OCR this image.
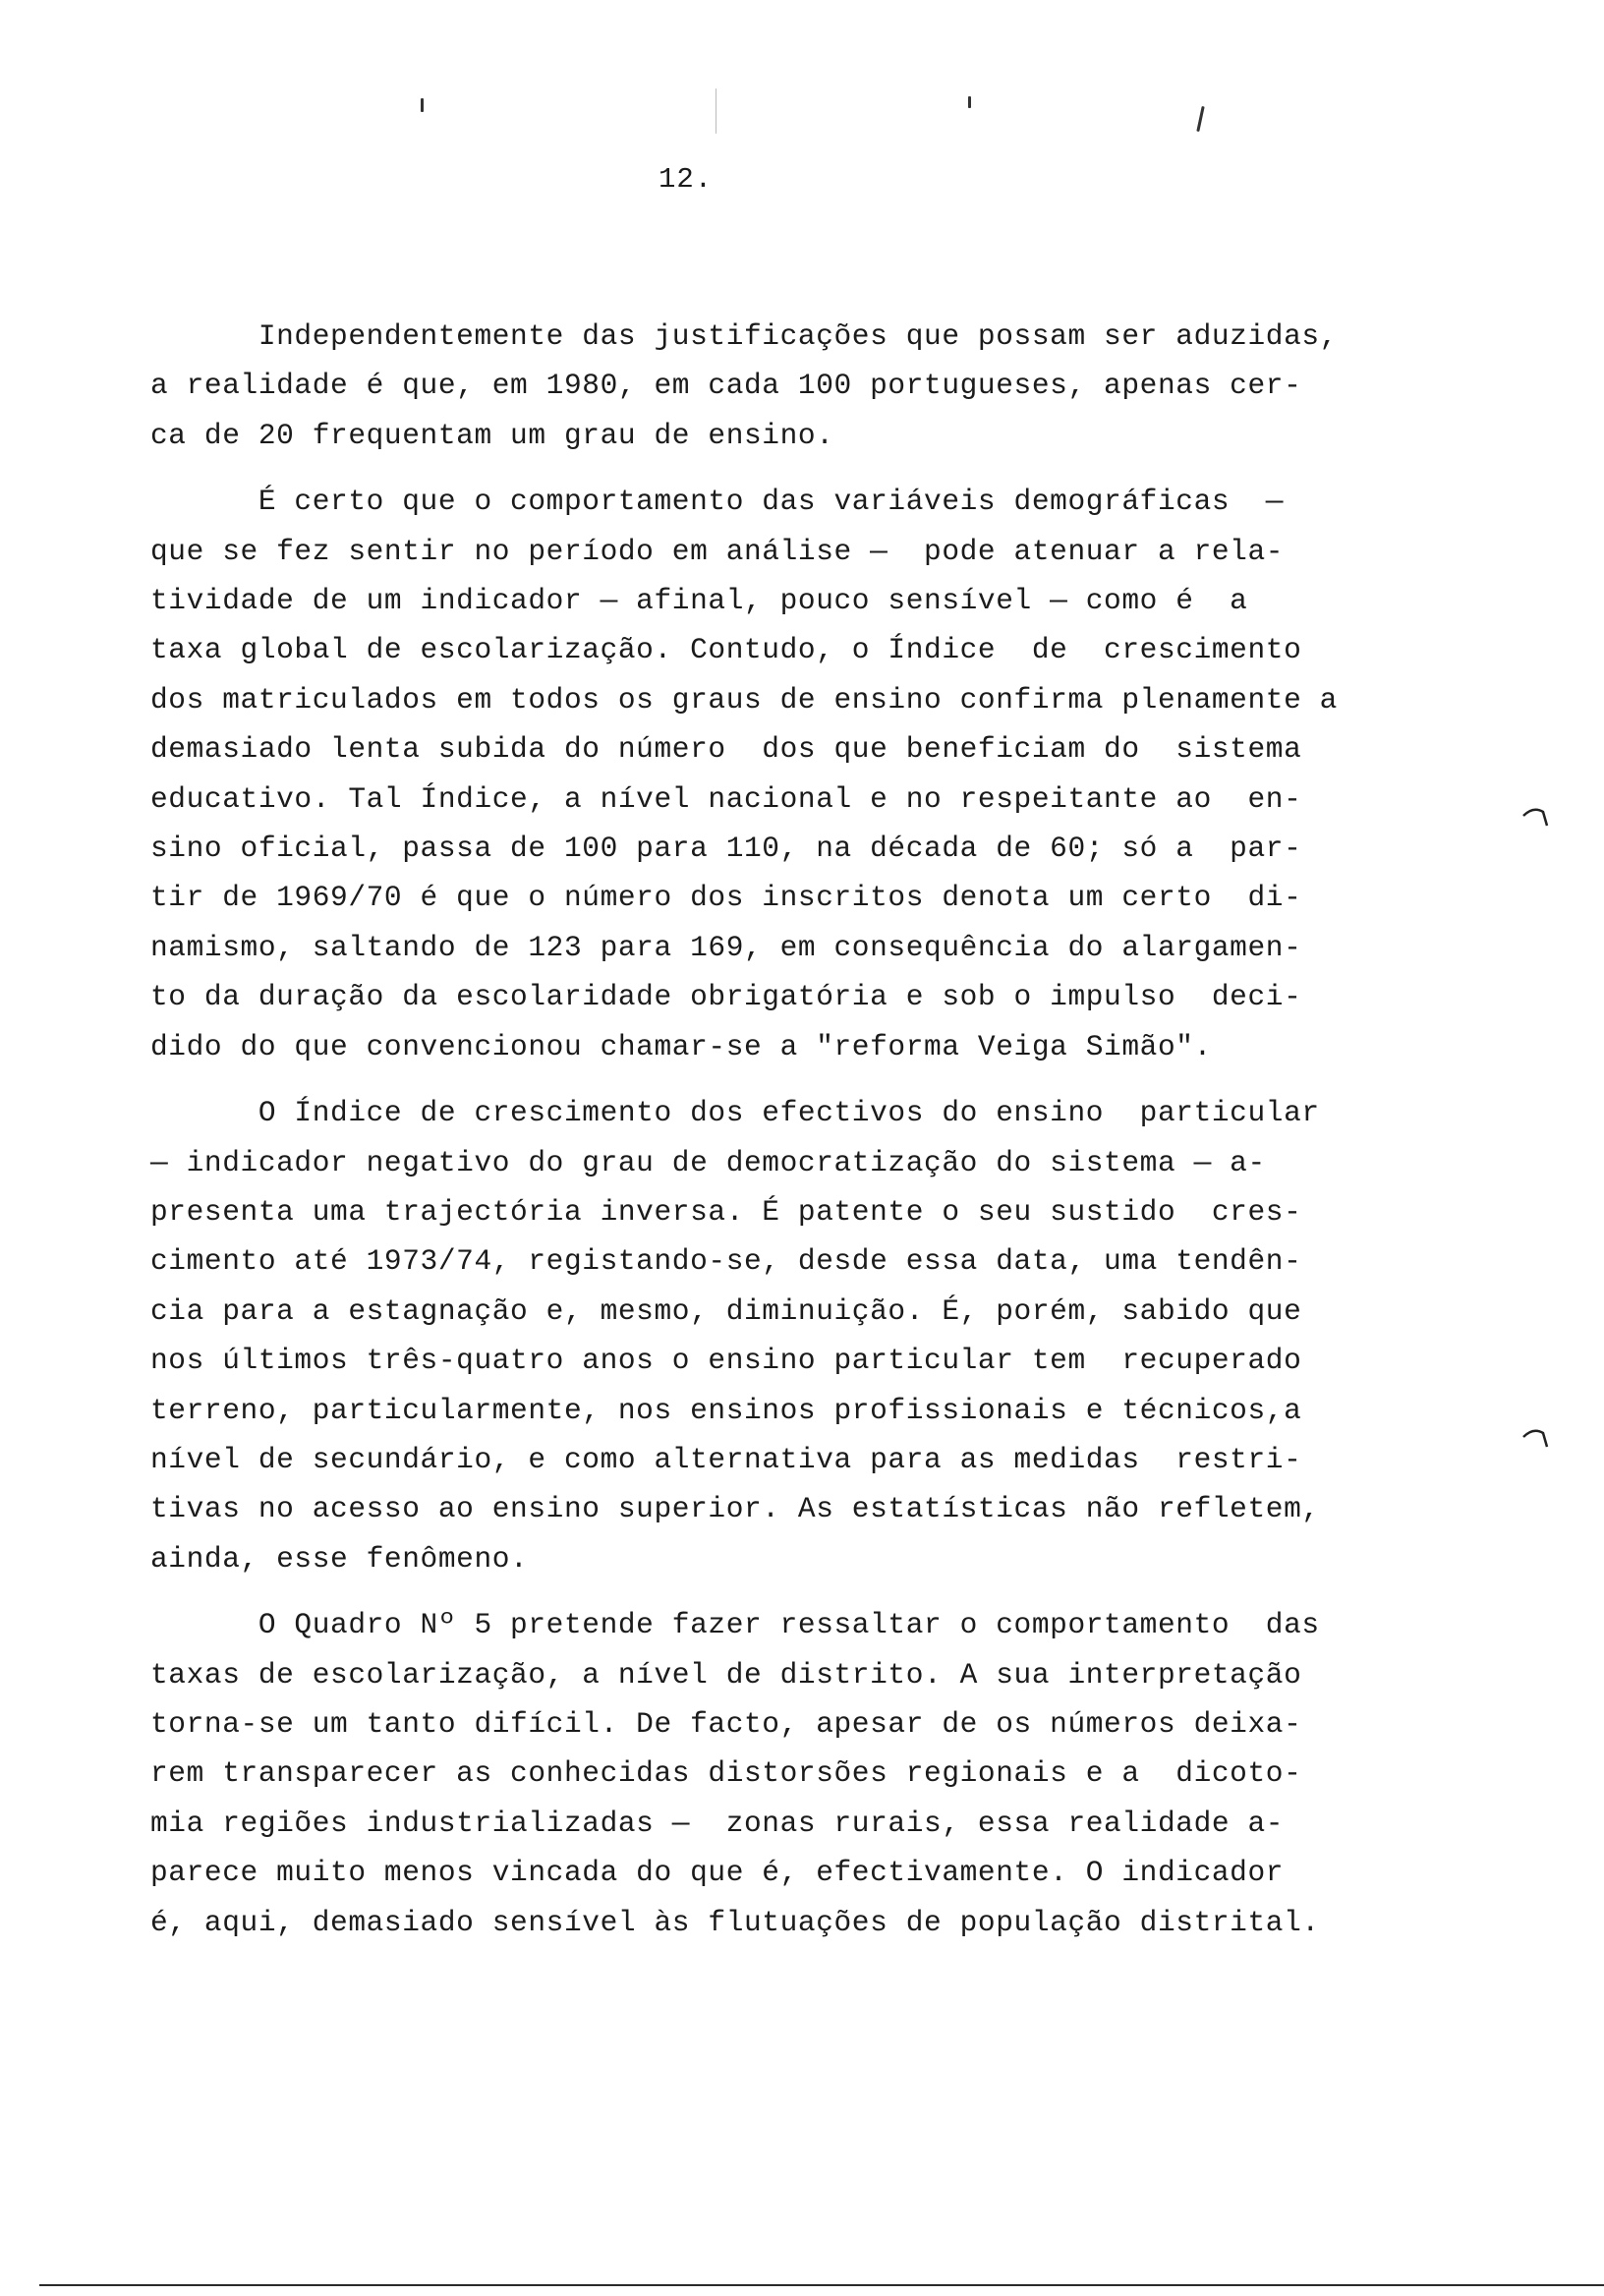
12.
Independentemente das justificações que possam ser aduzidas,
a realidade é que, em 1980, em cada 100 portugueses, apenas cer-
ca de 20 frequentam um grau de ensino.
É certo que o comportamento das variáveis demográficas  —
que se fez sentir no período em análise —  pode atenuar a rela-
tividade de um indicador — afinal, pouco sensível — como é  a
taxa global de escolarização. Contudo, o Índice  de  crescimento
dos matriculados em todos os graus de ensino confirma plenamente a
demasiado lenta subida do número  dos que beneficiam do  sistema
educativo. Tal Índice, a nível nacional e no respeitante ao  en-
sino oficial, passa de 100 para 110, na década de 60; só a  par-
tir de 1969/70 é que o número dos inscritos denota um certo  di-
namismo, saltando de 123 para 169, em consequência do alargamen-
to da duração da escolaridade obrigatória e sob o impulso  deci-
dido do que convencionou chamar-se a "reforma Veiga Simão".
O Índice de crescimento dos efectivos do ensino  particular
— indicador negativo do grau de democratização do sistema — a-
presenta uma trajectória inversa. É patente o seu sustido  cres-
cimento até 1973/74, registando-se, desde essa data, uma tendên-
cia para a estagnação e, mesmo, diminuição. É, porém, sabido que
nos últimos três-quatro anos o ensino particular tem  recuperado
terreno, particularmente, nos ensinos profissionais e técnicos,a
nível de secundário, e como alternativa para as medidas  restri-
tivas no acesso ao ensino superior. As estatísticas não refletem,
ainda, esse fenômeno.
O Quadro Nº 5 pretende fazer ressaltar o comportamento  das
taxas de escolarização, a nível de distrito. A sua interpretação
torna-se um tanto difícil. De facto, apesar de os números deixa-
rem transparecer as conhecidas distorsões regionais e a  dicoto-
mia regiões industrializadas —  zonas rurais, essa realidade a-
parece muito menos vincada do que é, efectivamente. O indicador
é, aqui, demasiado sensível às flutuações de população distrital.
